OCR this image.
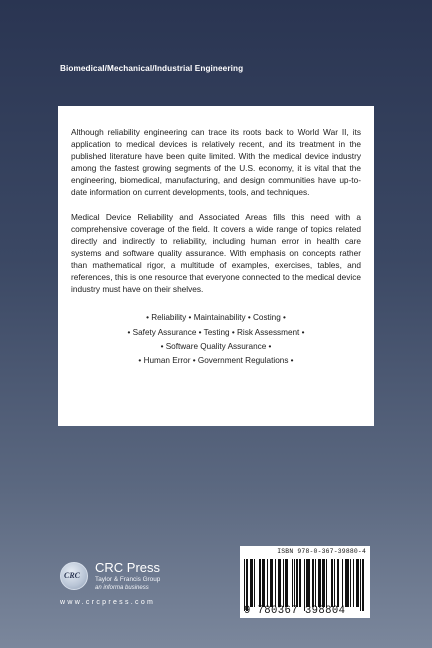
Biomedical/Mechanical/Industrial Engineering

Although reliability engineering can trace its roots back to World War II, its application to medical devices is relatively recent, and its treatment in the published literature have been quite limited. With the medical device industry among the fastest growing segments of the U.S. economy, it is vital that the engineering, biomedical, manufacturing, and design communities have up-to-date information on current developments, tools, and techniques.

Medical Device Reliability and Associated Areas fills this need with a comprehensive coverage of the field. It covers a wide range of topics related directly and indirectly to reliability, including human error in health care systems and software quality assurance. With emphasis on concepts rather than mathematical rigor, a multitude of examples, exercises, tables, and references, this is one resource that everyone connected to the medical device industry must have on their shelves.

• Reliability • Maintainability • Costing •
• Safety Assurance • Testing • Risk Assessment •
• Software Quality Assurance •
• Human Error • Government Regulations •
CRC
CRC Press
Taylor & Francis Group
an informa business
www.crcpress.com
ISBN 978-0-367-39880-4
9 780367 398804
